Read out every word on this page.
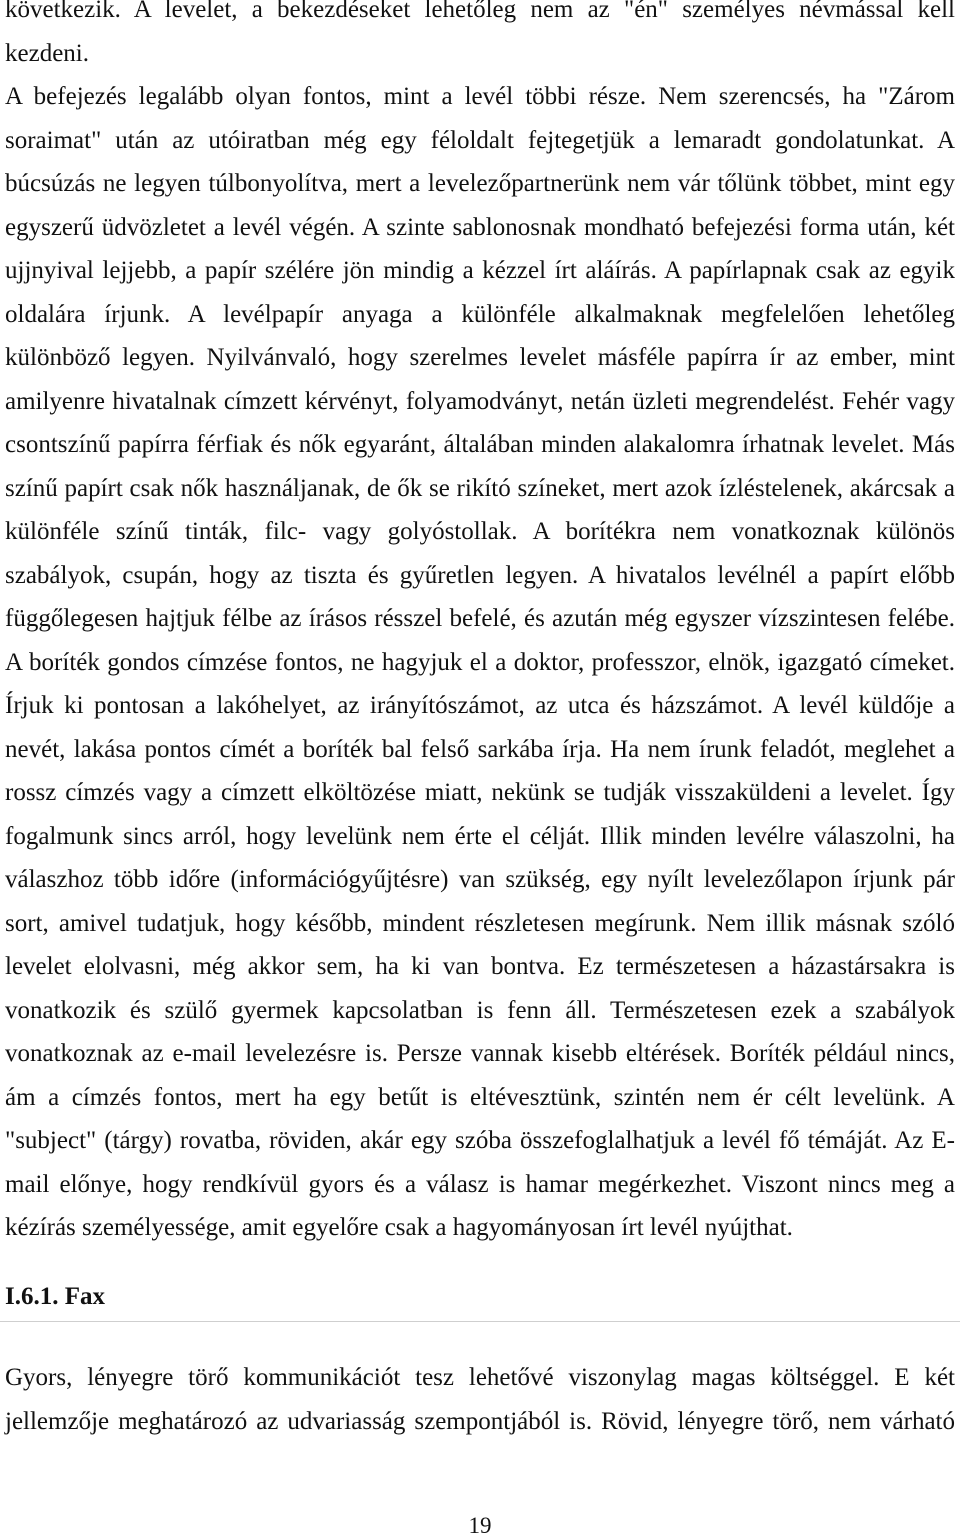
következik. A levelet, a bekezdéseket lehetőleg nem az "én" személyes névmással kell
kezdeni.
A befejezés legalább olyan fontos, mint a levél többi része. Nem szerencsés, ha "Zárom
soraimat" után az utóiratban még egy féloldalt fejtegetjük a lemaradt gondolatunkat. A
búcsúzás ne legyen túlbonyolítva, mert a levelezőpartnerünk nem vár tőlünk többet, mint egy
egyszerű üdvözletet a levél végén. A szinte sablonosnak mondható befejezési forma után, két
ujjnyival lejjebb, a papír szélére jön mindig a kézzel írt aláírás. A papírlapnak csak az egyik
oldalára írjunk. A levélpapír anyaga a különféle alkalmaknak megfelelően lehetőleg
különböző legyen. Nyilvánvaló, hogy szerelmes levelet másféle papírra ír az ember, mint
amilyenre hivatalnak címzett kérvényt, folyamodványt, netán üzleti megrendelést. Fehér vagy
csontszínű papírra férfiak és nők egyaránt, általában minden alakalomra írhatnak levelet. Más
színű papírt csak nők használjanak, de ők se rikító színeket, mert azok ízléstelenek, akárcsak a
különféle színű tinták, filc- vagy golyóstollak. A borítékra nem vonatkoznak különös
szabályok, csupán, hogy az tiszta és gyűretlen legyen. A hivatalos levélnél a papírt előbb
függőlegesen hajtjuk félbe az írásos résszel befelé, és azután még egyszer vízszintesen felébe.
A boríték gondos címzése fontos, ne hagyjuk el a doktor, professzor, elnök, igazgató címeket.
Írjuk ki pontosan a lakóhelyet, az irányítószámot, az utca és házszámot. A levél küldője a
nevét, lakása pontos címét a boríték bal felső sarkába írja. Ha nem írunk feladót, meglehet a
rossz címzés vagy a címzett elköltözése miatt, nekünk se tudják visszaküldeni a levelet. Így
fogalmunk sincs arról, hogy levelünk nem érte el célját. Illik minden levélre válaszolni, ha
válaszhoz több időre (információgyűjtésre) van szükség, egy nyílt levelezőlapon írjunk pár
sort, amivel tudatjuk, hogy később, mindent részletesen megírunk. Nem illik másnak szóló
levelet elolvasni, még akkor sem, ha ki van bontva. Ez természetesen a házastársakra is
vonatkozik és szülő gyermek kapcsolatban is fenn áll. Természetesen ezek a szabályok
vonatkoznak az e-mail levelezésre is. Persze vannak kisebb eltérések. Boríték például nincs,
ám a címzés fontos, mert ha egy betűt is eltévesztünk, szintén nem ér célt levelünk. A
"subject" (tárgy) rovatba, röviden, akár egy szóba összefoglalhatjuk a levél fő témáját. Az E-
mail előnye, hogy rendkívül gyors és a válasz is hamar megérkezhet. Viszont nincs meg a
kézírás személyessége, amit egyelőre csak a hagyományosan írt levél nyújthat.
I.6.1. Fax
Gyors, lényegre törő kommunikációt tesz lehetővé viszonylag magas költséggel. E két
jellemzője meghatározó az udvariasság szempontjából is. Rövid, lényegre törő, nem várható
19
